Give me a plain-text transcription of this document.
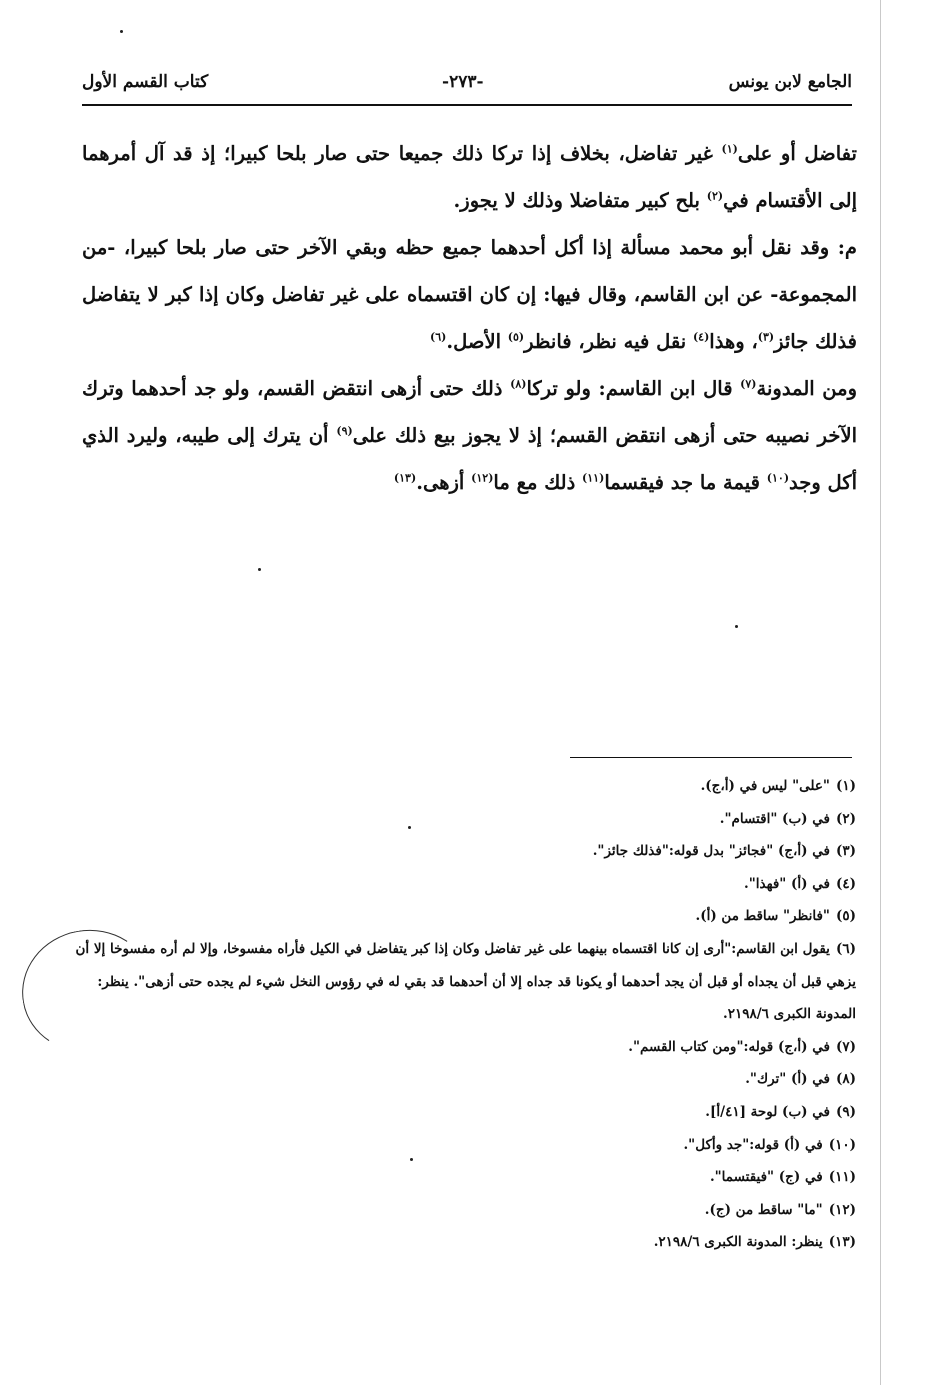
الجامع لابن يونس
-٢٧٣-
كتاب القسم الأول

تفاضل أو على$^{(١)}$ غير تفاضل، بخلاف إذا تركا ذلك جميعا حتى صار بلحا كبيرا؛ إذ قد آل أمرهما إلى الأقتسام في$^{(٢)}$ بلح كبير متفاضلا وذلك لا يجوز.

م: وقد نقل أبو محمد مسألة إذا أكل أحدهما جميع حظه وبقي الآخر حتى صار بلحا كبيرا، -من المجموعة- عن ابن القاسم، وقال فيها: إن كان اقتسماه على غير تفاضل وكان إذا كبر لا يتفاضل فذلك جائز$^{(٣)}$، وهذا$^{(٤)}$ نقل فيه نظر، فانظر$^{(٥)}$ الأصل.$^{(٦)}$

ومن المدونة$^{(٧)}$ قال ابن القاسم: ولو تركا$^{(٨)}$ ذلك حتى أزهى انتقض القسم، ولو جد أحدهما وترك الآخر نصيبه حتى أزهى انتقض القسم؛ إذ لا يجوز بيع ذلك على$^{(٩)}$ أن يترك إلى طيبه، وليرد الذي أكل وجد$^{(١٠)}$ قيمة ما جد فيقسما$^{(١١)}$ ذلك مع ما$^{(١٢)}$ أزهى.$^{(١٣)}$

(١)"على" ليس في (أ،ج).
(٢)في (ب) "اقتسام".
(٣)في (أ،ج) "فجائز" بدل قوله:"فذلك جائز".
(٤)في (أ) "فهذا".
(٥)"فانظر" ساقط من (أ).
(٦)يقول ابن القاسم:"أرى إن كانا اقتسماه بينهما على غير تفاضل وكان إذا كبر يتفاضل في الكيل فأراه مفسوخا، وإلا لم أره مفسوخا إلا أن يزهي قبل أن يجداه أو قبل أن يجد أحدهما أو يكونا قد جداه إلا أن أحدهما قد بقي له في رؤوس النخل شيء لم يجده حتى أزهى". ينظر: المدونة الكبرى ٢١٩٨/٦.
(٧)في (أ،ج) قوله:"ومن كتاب القسم".
(٨)في (أ) "ترك".
(٩)في (ب) لوحة [٤١/أ].
(١٠)في (أ) قوله:"جد وأكل".
(١١)في (ج) "فيقتسما".
(١٢)"ما" ساقط من (ج).
(١٣)ينظر: المدونة الكبرى ٢١٩٨/٦.
